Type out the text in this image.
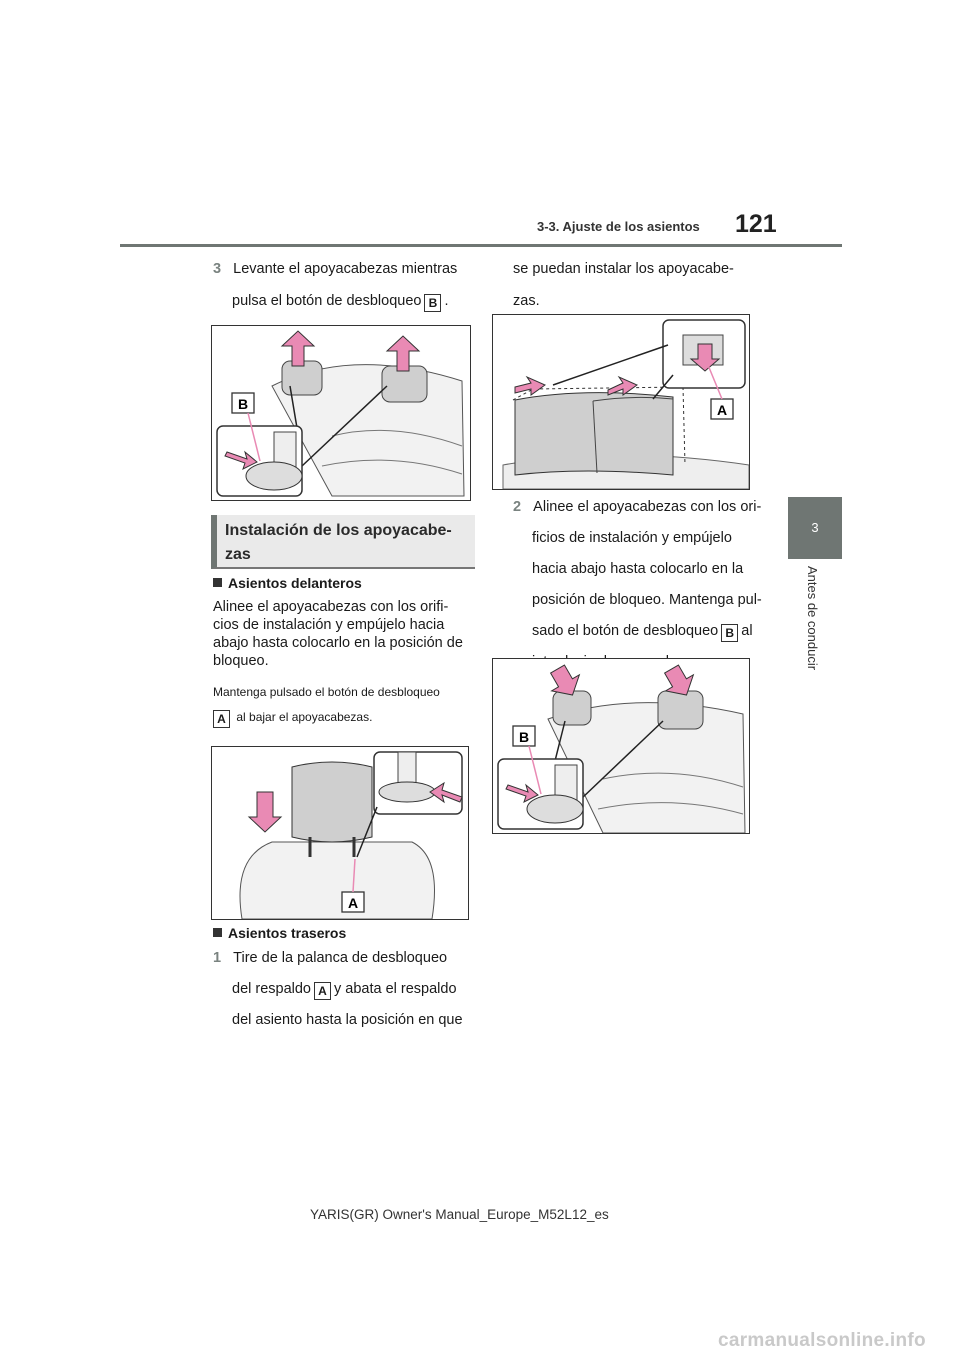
3-3. Ajuste de los asientos 121
3
Antes de conducir
3 Levante el apoyacabezas mientras
pulsa el botón de desbloqueo B .
B
Instalación de los apoyacabe-zas
Asientos delanteros
Alinee el apoyacabezas con los orifi-
cios de instalación y empújelo hacia
abajo hasta colocarlo en la posición de
bloqueo.
Mantenga pulsado el botón de desbloqueo
A al bajar el apoyacabezas.
A
Asientos traseros
1 Tire de la palanca de desbloqueo
del respaldo A y abata el respaldo
del asiento hasta la posición en que
se puedan instalar los apoyacabe-
zas.
A
2 Alinee el apoyacabezas con los ori-
ficios de instalación y empújelo
hacia abajo hasta colocarlo en la
posición de bloqueo. Mantenga pul-
sado el botón de desbloqueo B al
B
YARIS(GR) Owner's Manual_Europe_M52L12_es
carmanualsonline.info
